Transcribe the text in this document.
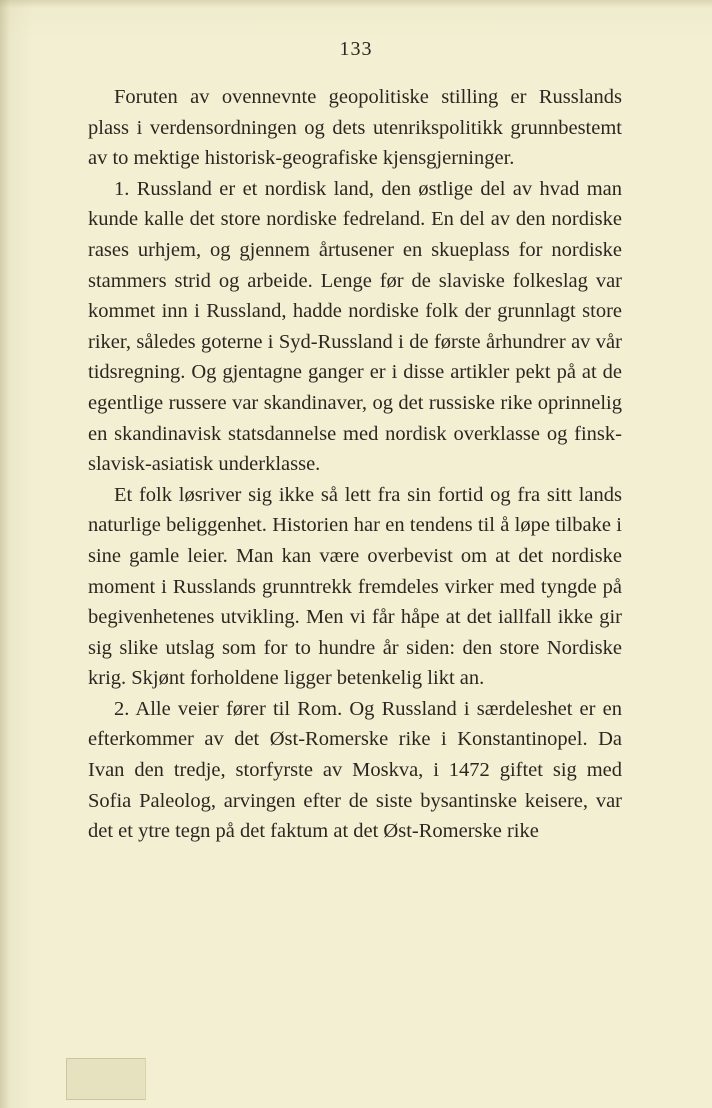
133

Foruten av ovennevnte geopolitiske stilling er Russlands plass i verdensordningen og dets utenrikspolitikk grunnbestemt av to mektige historisk-geografiske kjensgjerninger.

1. Russland er et nordisk land, den østlige del av hvad man kunde kalle det store nordiske fedreland. En del av den nordiske rases urhjem, og gjennem årtusener en skueplass for nordiske stammers strid og arbeide. Lenge før de slaviske folkeslag var kommet inn i Russland, hadde nordiske folk der grunnlagt store riker, således goterne i Syd-Russland i de første århundrer av vår tidsregning. Og gjentagne ganger er i disse artikler pekt på at de egentlige russere var skandinaver, og det russiske rike oprinnelig en skandinavisk statsdannelse med nordisk overklasse og finsk-slavisk-asiatisk underklasse.

Et folk løsriver sig ikke så lett fra sin fortid og fra sitt lands naturlige beliggenhet. Historien har en tendens til å løpe tilbake i sine gamle leier. Man kan være overbevist om at det nordiske moment i Russlands grunntrekk fremdeles virker med tyngde på begivenhetenes utvikling. Men vi får håpe at det iallfall ikke gir sig slike utslag som for to hundre år siden: den store Nordiske krig. Skjønt forholdene ligger betenkelig likt an.

2. Alle veier fører til Rom. Og Russland i særdeleshet er en efterkommer av det Øst-Romerske rike i Konstantinopel. Da Ivan den tredje, storfyrste av Moskva, i 1472 giftet sig med Sofia Paleolog, arvingen efter de siste bysantinske keisere, var det et ytre tegn på det faktum at det Øst-Romerske rike
